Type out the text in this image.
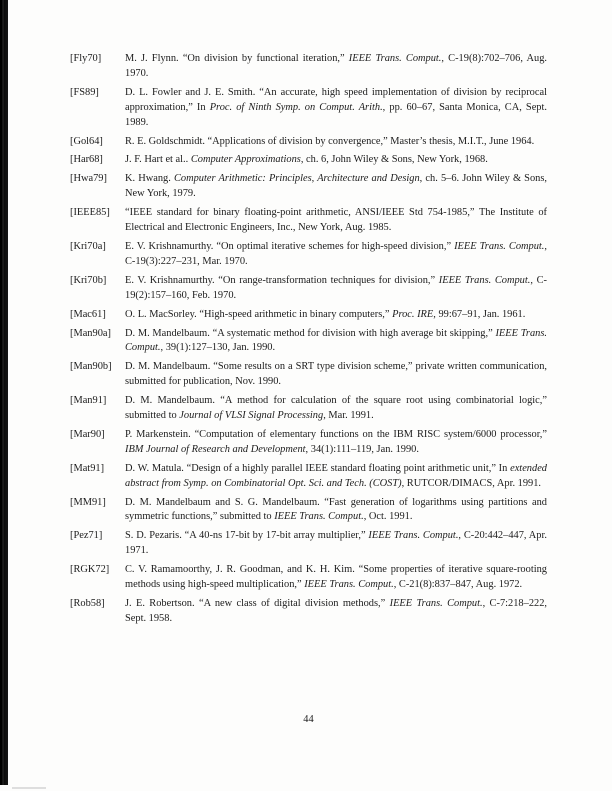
[Fly70]	M. J. Flynn. “On division by functional iteration,” IEEE Trans. Comput., C-19(8):702–706, Aug. 1970.
[FS89]	D. L. Fowler and J. E. Smith. “An accurate, high speed implementation of division by reciprocal approximation,” In Proc. of Ninth Symp. on Comput. Arith., pp. 60–67, Santa Monica, CA, Sept. 1989.
[Gol64]	R. E. Goldschmidt. “Applications of division by convergence,” Master’s thesis, M.I.T., June 1964.
[Har68]	J. F. Hart et al.. Computer Approximations, ch. 6, John Wiley & Sons, New York, 1968.
[Hwa79]	K. Hwang. Computer Arithmetic: Principles, Architecture and Design, ch. 5–6. John Wiley & Sons, New York, 1979.
[IEEE85]	“IEEE standard for binary floating-point arithmetic, ANSI/IEEE Std 754-1985,” The Institute of Electrical and Electronic Engineers, Inc., New York, Aug. 1985.
[Kri70a]	E. V. Krishnamurthy. “On optimal iterative schemes for high-speed division,” IEEE Trans. Comput., C-19(3):227–231, Mar. 1970.
[Kri70b]	E. V. Krishnamurthy. “On range-transformation techniques for division,” IEEE Trans. Comput., C-19(2):157–160, Feb. 1970.
[Mac61]	O. L. MacSorley. “High-speed arithmetic in binary computers,” Proc. IRE, 99:67–91, Jan. 1961.
[Man90a]	D. M. Mandelbaum. “A systematic method for division with high average bit skipping,” IEEE Trans. Comput., 39(1):127–130, Jan. 1990.
[Man90b]	D. M. Mandelbaum. “Some results on a SRT type division scheme,” private written communication, submitted for publication, Nov. 1990.
[Man91]	D. M. Mandelbaum. “A method for calculation of the square root using combinatorial logic,” submitted to Journal of VLSI Signal Processing, Mar. 1991.
[Mar90]	P. Markenstein. “Computation of elementary functions on the IBM RISC system/6000 processor,” IBM Journal of Research and Development, 34(1):111–119, Jan. 1990.
[Mat91]	D. W. Matula. “Design of a highly parallel IEEE standard floating point arithmetic unit,” In extended abstract from Symp. on Combinatorial Opt. Sci. and Tech. (COST), RUTCOR/DIMACS, Apr. 1991.
[MM91]	D. M. Mandelbaum and S. G. Mandelbaum. “Fast generation of logarithms using partitions and symmetric functions,” submitted to IEEE Trans. Comput., Oct. 1991.
[Pez71]	S. D. Pezaris. “A 40-ns 17-bit by 17-bit array multiplier,” IEEE Trans. Comput., C-20:442–447, Apr. 1971.
[RGK72]	C. V. Ramamoorthy, J. R. Goodman, and K. H. Kim. “Some properties of iterative square-rooting methods using high-speed multiplication,” IEEE Trans. Comput., C-21(8):837–847, Aug. 1972.
[Rob58]	J. E. Robertson. “A new class of digital division methods,” IEEE Trans. Comput., C-7:218–222, Sept. 1958.
44
